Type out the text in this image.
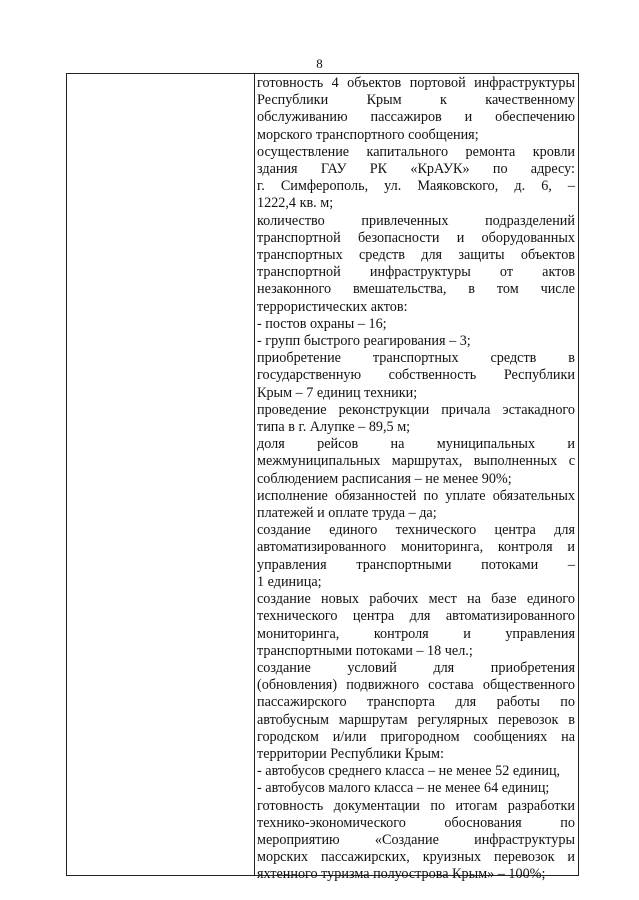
8

готовность 4 объектов портовой инфраструктуры

Республики Крым к качественному

обслуживанию пассажиров и обеспечению

морского транспортного сообщения;

осуществление капитального ремонта кровли

здания ГАУ РК «КрАУК» по адресу:

г. Симферополь, ул. Маяковского, д. 6, –

1222,4 кв. м;

количество привлеченных подразделений

транспортной безопасности и оборудованных

транспортных средств для защиты объектов

транспортной инфраструктуры от актов

незаконного вмешательства, в том числе

террористических актов:

- постов охраны – 16;

- групп быстрого реагирования – 3;

приобретение транспортных средств в

государственную собственность Республики

Крым – 7 единиц техники;

проведение реконструкции причала эстакадного

типа в г. Алупке – 89,5 м;

доля рейсов на муниципальных и

межмуниципальных маршрутах, выполненных с

соблюдением расписания – не менее 90%;

исполнение обязанностей по уплате обязательных

платежей и оплате труда – да;

создание единого технического центра для

автоматизированного мониторинга, контроля и

управления транспортными потоками –

1 единица;

создание новых рабочих мест на базе единого

технического центра для автоматизированного

мониторинга, контроля и управления

транспортными потоками – 18 чел.;

создание условий для приобретения

(обновления) подвижного состава общественного

пассажирского транспорта для работы по

автобусным маршрутам регулярных перевозок в

городском и/или пригородном сообщениях на

территории Республики Крым:

- автобусов среднего класса – не менее 52 единиц,

- автобусов малого класса – не менее 64 единиц;

готовность документации по итогам разработки

технико-экономического обоснования по

мероприятию «Создание инфраструктуры

морских пассажирских, круизных перевозок и

яхтенного туризма полуострова Крым» – 100%;
